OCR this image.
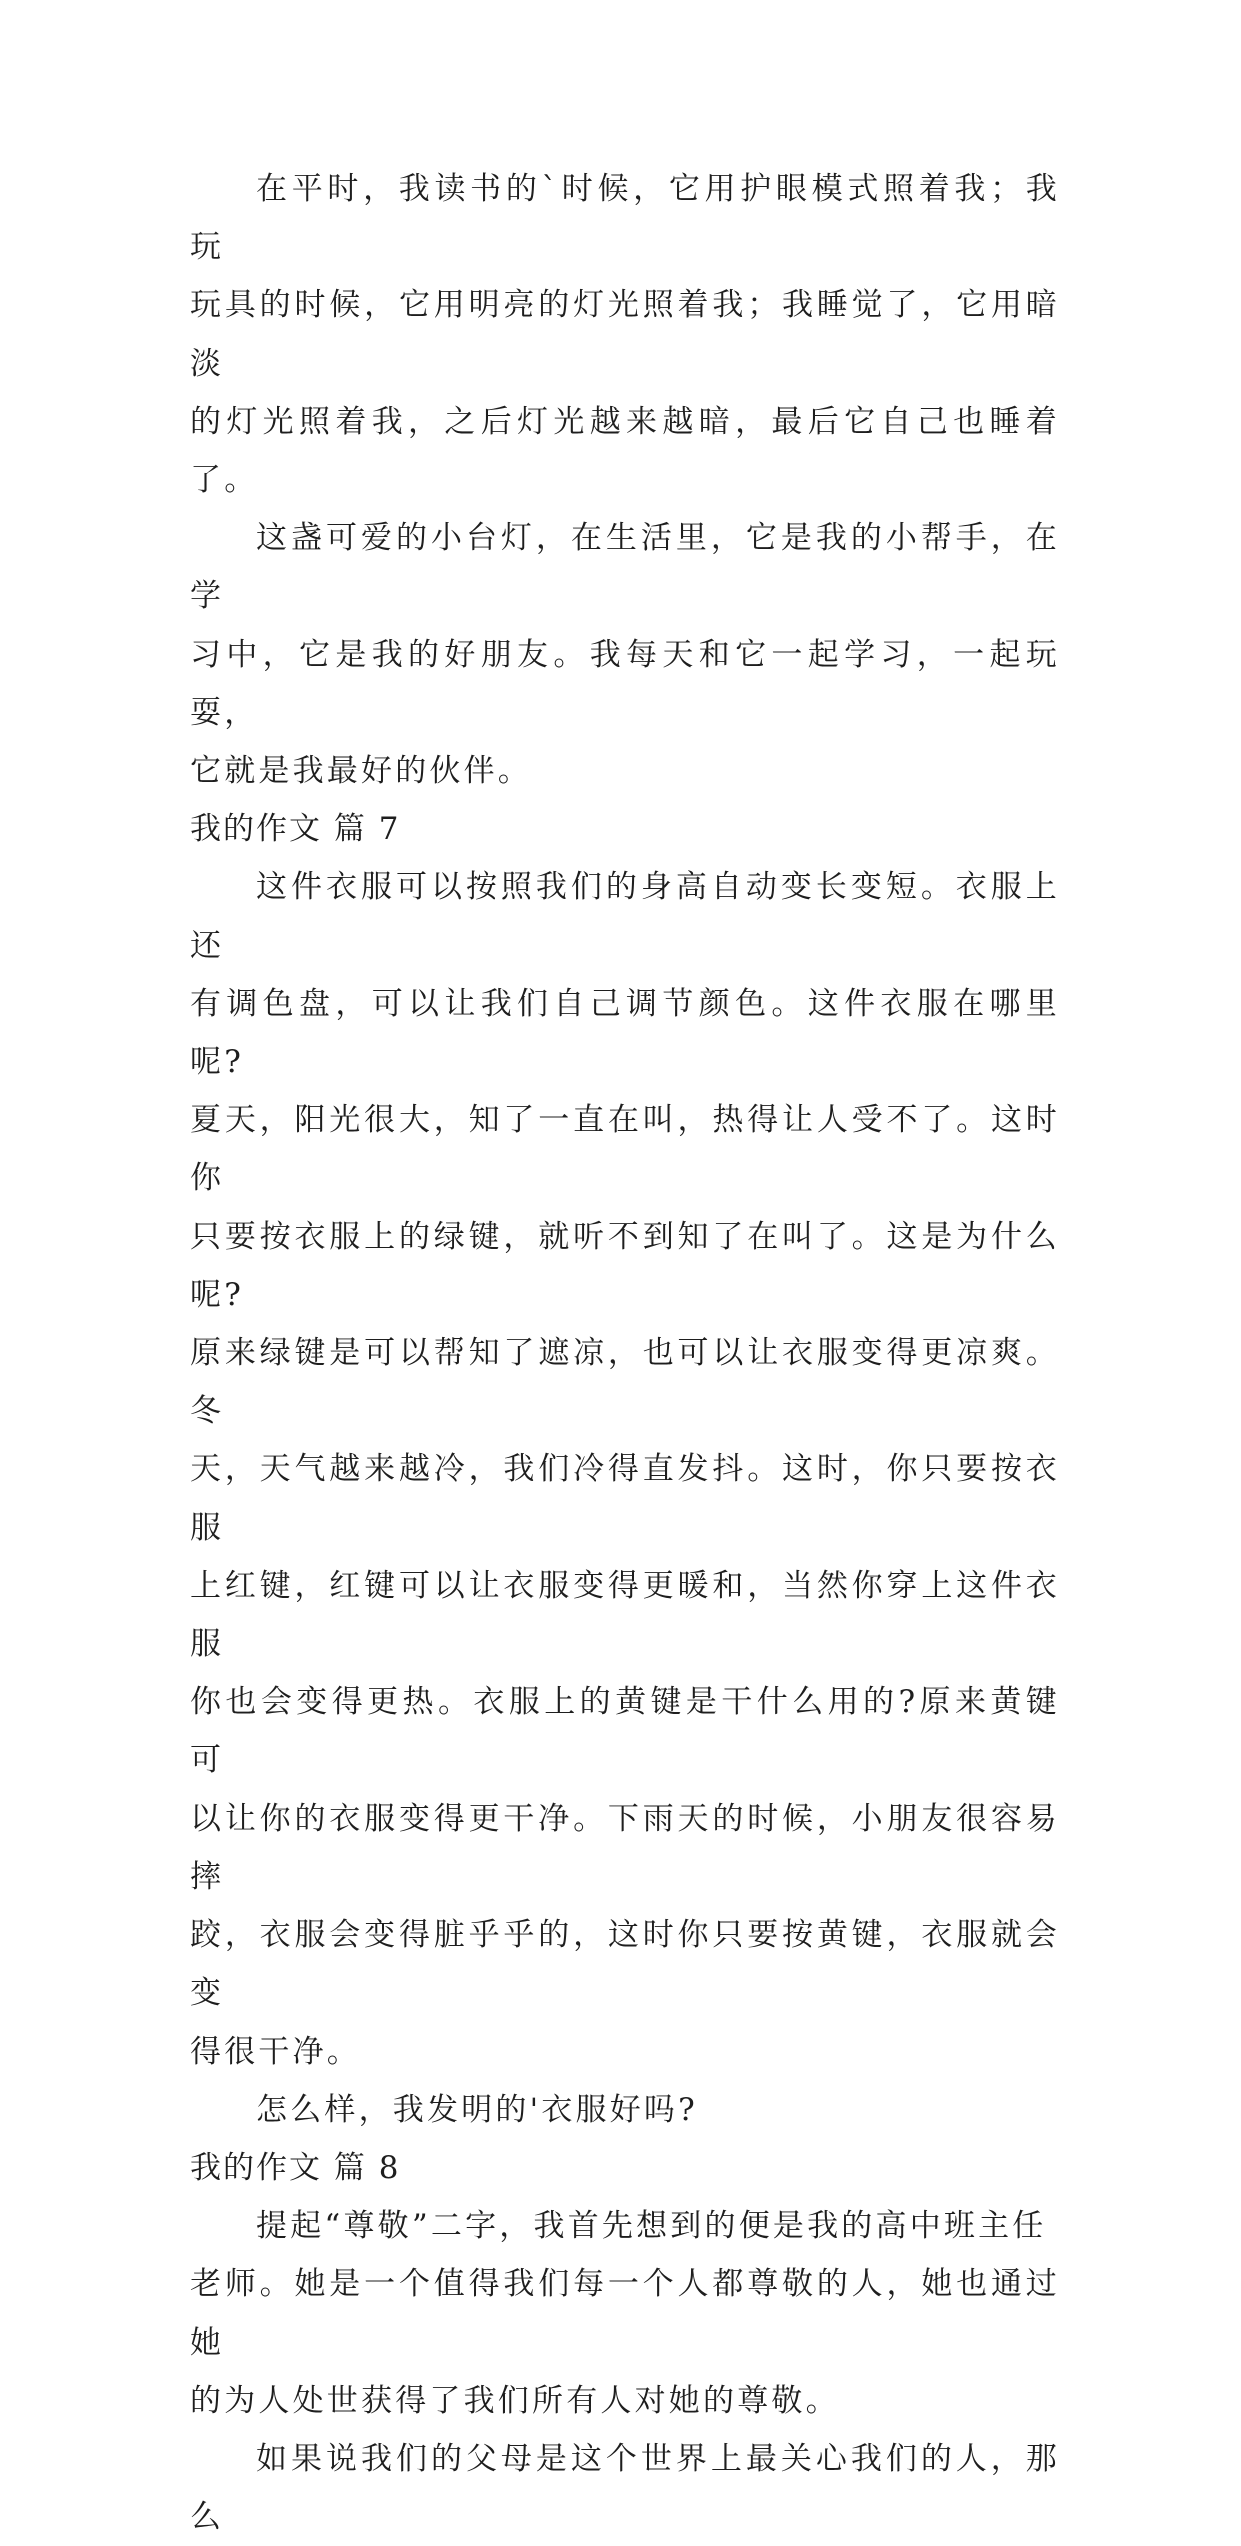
在平时，我读书的`时候，它用护眼模式照着我；我玩
玩具的时候，它用明亮的灯光照着我；我睡觉了，它用暗淡
的灯光照着我，之后灯光越来越暗，最后它自己也睡着了。

这盏可爱的小台灯，在生活里，它是我的小帮手，在学
习中，它是我的好朋友。我每天和它一起学习，一起玩耍，
它就是我最好的伙伴。

我的作文 篇 7

这件衣服可以按照我们的身高自动变长变短。衣服上还
有调色盘，可以让我们自己调节颜色。这件衣服在哪里呢?
夏天，阳光很大，知了一直在叫，热得让人受不了。这时你
只要按衣服上的绿键，就听不到知了在叫了。这是为什么呢?
原来绿键是可以帮知了遮凉，也可以让衣服变得更凉爽。冬
天，天气越来越冷，我们冷得直发抖。这时，你只要按衣服
上红键，红键可以让衣服变得更暖和，当然你穿上这件衣服
你也会变得更热。衣服上的黄键是干什么用的?原来黄键可
以让你的衣服变得更干净。下雨天的时候，小朋友很容易摔
跤，衣服会变得脏乎乎的，这时你只要按黄键，衣服就会变
得很干净。

怎么样，我发明的'衣服好吗?

我的作文 篇 8

提起“尊敬”二字，我首先想到的便是我的高中班主任
老师。她是一个值得我们每一个人都尊敬的人，她也通过她
的为人处世获得了我们所有人对她的尊敬。

如果说我们的父母是这个世界上最关心我们的人，那么
